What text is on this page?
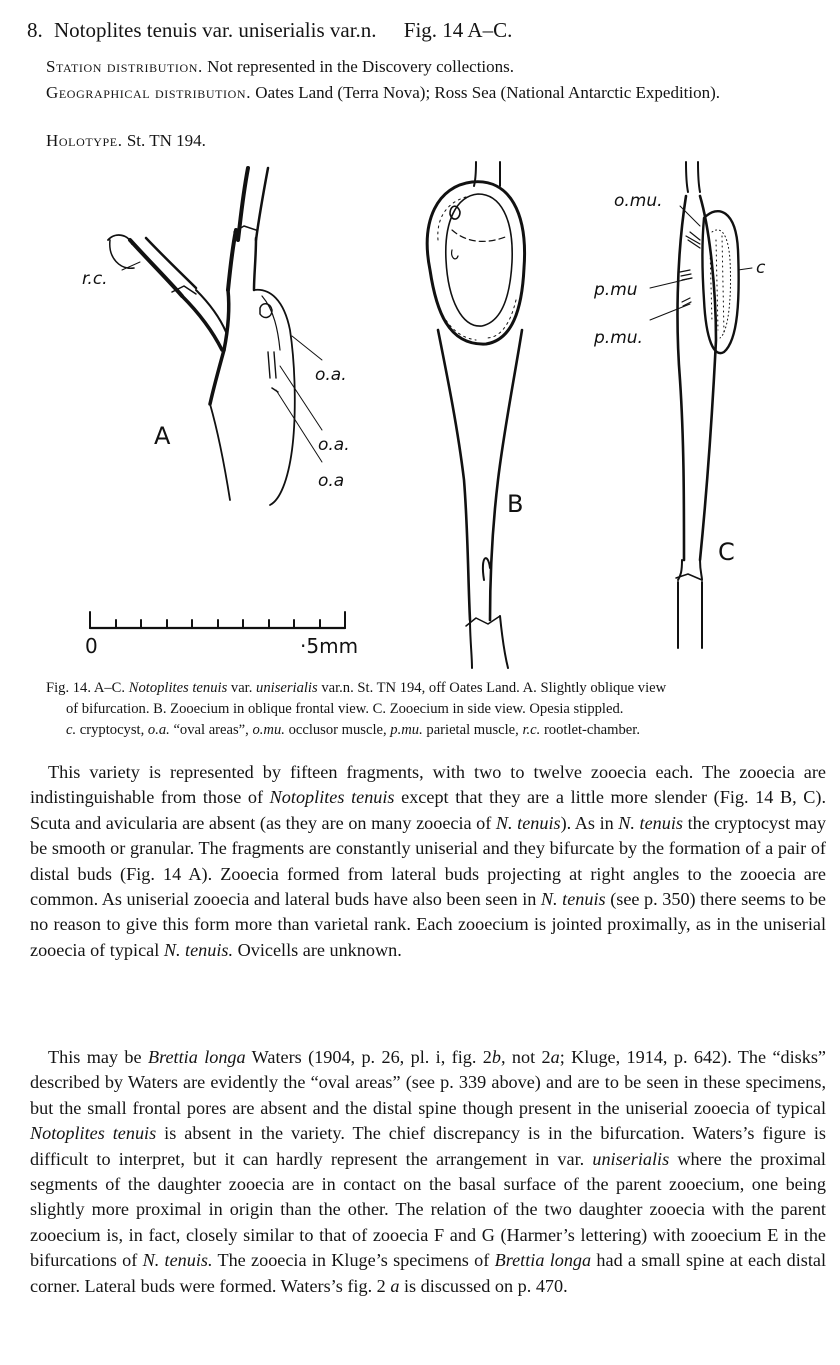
8. Notoplites tenuis var. uniserialis var.n. Fig. 14 A–C.
Station distribution. Not represented in the Discovery collections.
Geographical distribution. Oates Land (Terra Nova); Ross Sea (National Antarctic Expedition).
Holotype. St. TN 194.
A
B
C
r.c.
o.a.
o.a.
o.a
o.mu.
p.mu
p.mu.
c
0	·5mm
Fig. 14. A–C. Notoplites tenuis var. uniserialis var.n. St. TN 194, off Oates Land. A. Slightly oblique view
of bifurcation. B. Zooecium in oblique frontal view. C. Zooecium in side view. Opesia stippled.
c. cryptocyst, o.a. “oval areas”, o.mu. occlusor muscle, p.mu. parietal muscle, r.c. rootlet-chamber.

This variety is represented by fifteen fragments, with two to twelve zooecia each. The zooecia are indistinguishable from those of Notoplites tenuis except that they are a little more slender (Fig. 14 B, C). Scuta and avicularia are absent (as they are on many zooecia of N. tenuis). As in N. tenuis the cryptocyst may be smooth or granular. The fragments are constantly uniserial and they bifurcate by the formation of a pair of distal buds (Fig. 14 A). Zooecia formed from lateral buds projecting at right angles to the zooecia are common. As uniserial zooecia and lateral buds have also been seen in N. tenuis (see p. 350) there seems to be no reason to give this form more than varietal rank. Each zooecium is jointed proximally, as in the uniserial zooecia of typical N. tenuis. Ovicells are unknown.

This may be Brettia longa Waters (1904, p. 26, pl. i, fig. 2b, not 2a; Kluge, 1914, p. 642). The “disks” described by Waters are evidently the “oval areas” (see p. 339 above) and are to be seen in these specimens, but the small frontal pores are absent and the distal spine though present in the uniserial zooecia of typical Notoplites tenuis is absent in the variety. The chief discrepancy is in the bifurcation. Waters’s figure is difficult to interpret, but it can hardly represent the arrangement in var. uniserialis where the proximal segments of the daughter zooecia are in contact on the basal surface of the parent zooecium, one being slightly more proximal in origin than the other. The relation of the two daughter zooecia with the parent zooecium is, in fact, closely similar to that of zooecia F and G (Harmer’s lettering) with zooecium E in the bifurcations of N. tenuis. The zooecia in Kluge’s specimens of Brettia longa had a small spine at each distal corner. Lateral buds were formed. Waters’s fig. 2 a is discussed on p. 470.
